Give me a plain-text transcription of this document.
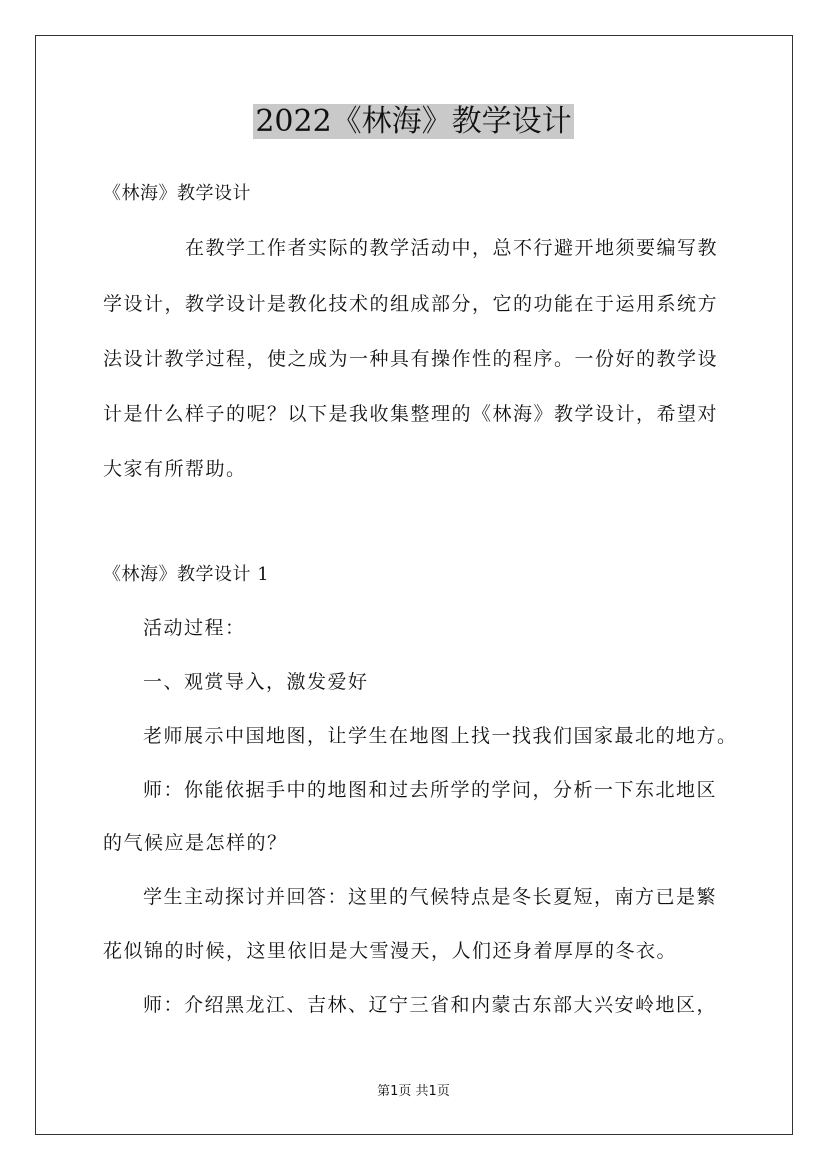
2022《林海》教学设计

《林海》教学设计

在教学工作者实际的教学活动中，总不行避开地须要编写教

学设计，教学设计是教化技术的组成部分，它的功能在于运用系统方

法设计教学过程，使之成为一种具有操作性的程序。一份好的教学设

计是什么样子的呢？以下是我收集整理的《林海》教学设计，希望对

大家有所帮助。

《林海》教学设计 1

活动过程：

一、观赏导入，激发爱好

老师展示中国地图，让学生在地图上找一找我们国家最北的地方。

师：你能依据手中的地图和过去所学的学问，分析一下东北地区

的气候应是怎样的？

学生主动探讨并回答：这里的气候特点是冬长夏短，南方已是繁

花似锦的时候，这里依旧是大雪漫天，人们还身着厚厚的冬衣。

师：介绍黑龙江、吉林、辽宁三省和内蒙古东部大兴安岭地区，

第1页 共1页
